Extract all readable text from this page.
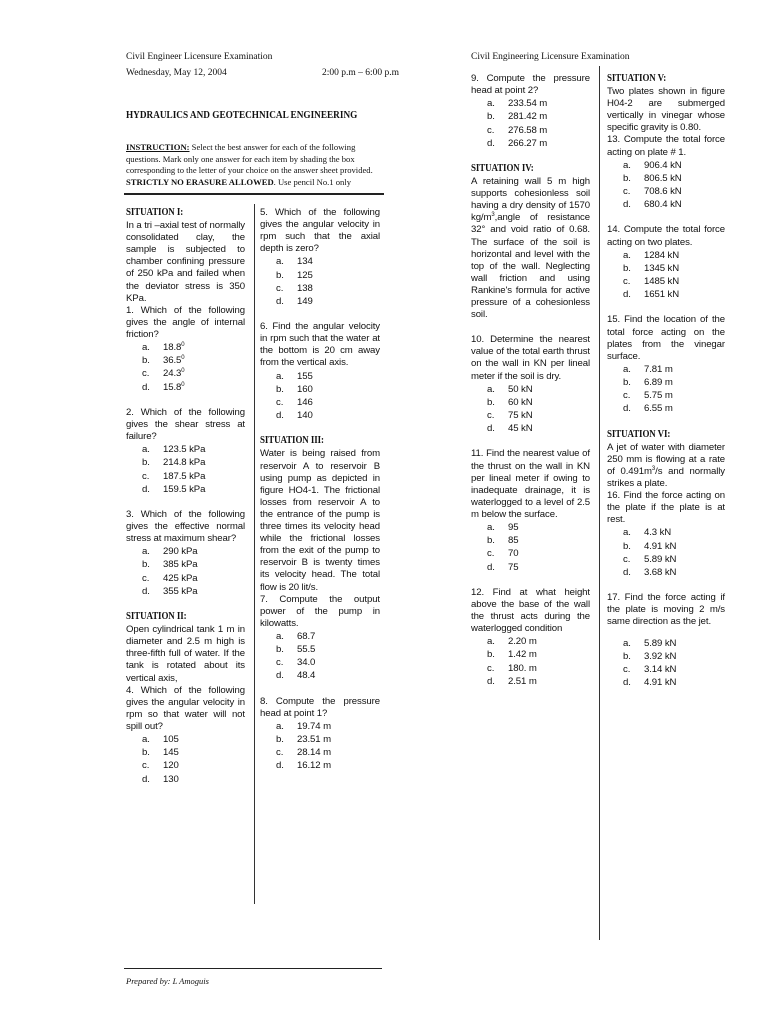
Civil Engineer Licensure Examination
Wednesday, May 12, 2004	2:00 p.m – 6:00 p.m
Civil Engineering Licensure Examination
HYDRAULICS AND GEOTECHNICAL ENGINEERING
INSTRUCTION: Select the best answer for each of the following questions. Mark only one answer for each item by shading the box corresponding to the letter of your choice on the answer sheet provided. STRICTLY NO ERASURE ALLOWED. Use pencil No.1 only
Prepared by: L Amoguis
SITUATION I:

In a tri –axial test of normally consolidated clay, the sample is subjected to chamber confining pressure of 250 kPa and failed when the deviator stress is 350 KPa.

1. Which of the following gives the angle of internal friction?

a. 18.8$^0$
b. 36.5$^0$
c. 24.3$^0$
d. 15.8$^0$

2. Which of the following gives the shear stress at failure?

a. 123.5 kPa
b. 214.8 kPa
c. 187.5 kPa
d. 159.5 kPa

3. Which of the following gives the effective normal stress at maximum shear?

a. 290 kPa
b. 385 kPa
c. 425 kPa
d. 355 kPa
SITUATION II:

Open cylindrical tank 1 m in diameter and 2.5 m high is three-fifth full of water. If the tank is rotated about its vertical axis,

4. Which of the following gives the angular velocity in rpm so that water will not spill out?

a. 105
b. 145
c. 120
d. 130

5. Which of the following gives the angular velocity in rpm such that the axial depth is zero?

a. 134
b. 125
c. 138
d. 149

6. Find the angular velocity in rpm such that the water at the bottom is 20 cm away from the vertical axis.

a. 155
b. 160
c. 146
d. 140
SITUATION III:

Water is being raised from reservoir A to reservoir B using pump as depicted in figure HO4-1. The frictional losses from reservoir A to the entrance of the pump is three times its velocity head while the frictional losses from the exit of the pump to reservoir B is twenty times its velocity head. The total flow is 20 lit/s.

7. Compute the output power of the pump in kilowatts.

a. 68.7
b. 55.5
c. 34.0
d. 48.4

8. Compute the pressure head at point 1?

a. 19.74 m
b. 23.51 m
c. 28.14 m
d. 16.12 m

9. Compute the pressure head at point 2?

a. 233.54 m
b. 281.42 m
c. 276.58 m
d. 266.27 m
SITUATION IV:

A retaining wall 5 m high supports cohesionless soil having a dry density of 1570 $kg/m^3,angle$ of resistance 32° and void ratio of 0.68. The surface of the soil is horizontal and level with the top of the wall. Neglecting wall friction and using Rankine's formula for active pressure of a cohesionless soil.

10. Determine the nearest value of the total earth thrust on the wall in KN per lineal meter if the soil is dry.

a. 50 kN
b. 60 kN
c. 75 kN
d. 45 kN

11. Find the nearest value of the thrust on the wall in KN per lineal meter if owing to inadequate drainage, it is waterlogged to a level of 2.5 m below the surface.

a. 95
b. 85
c. 70
d. 75

12. Find at what height above the base of the wall the thrust acts during the waterlogged condition

a. 2.20 m
b. 1.42 m
c. 180. m
d. 2.51 m
SITUATION V:

Two plates shown in figure H04-2 are submerged vertically in vinegar whose specific gravity is 0.80.

13. Compute the total force acting on plate # 1.

a. 906.4 kN
b. 806.5 kN
c. 708.6 kN
d. 680.4 kN

14. Compute the total force acting on two plates.

a. 1284 kN
b. 1345 kN
c. 1485 kN
d. 1651 kN

15. Find the location of the total force acting on the plates from the vinegar surface.

a. 7.81 m
b. 6.89 m
c. 5.75 m
d. 6.55 m
SITUATION VI:

A jet of water with diameter 250 mm is flowing at a rate of $0.491m^3/s$ and normally strikes a plate.

16. Find the force acting on the plate if the plate is at rest.

a. 4.3 kN
b. 4.91 kN
c. 5.89 kN
d. 3.68 kN

17. Find the force acting if the plate is moving 2 m/s same direction as the jet.

a. 5.89 kN
b. 3.92 kN
c. 3.14 kN
d. 4.91 kN
